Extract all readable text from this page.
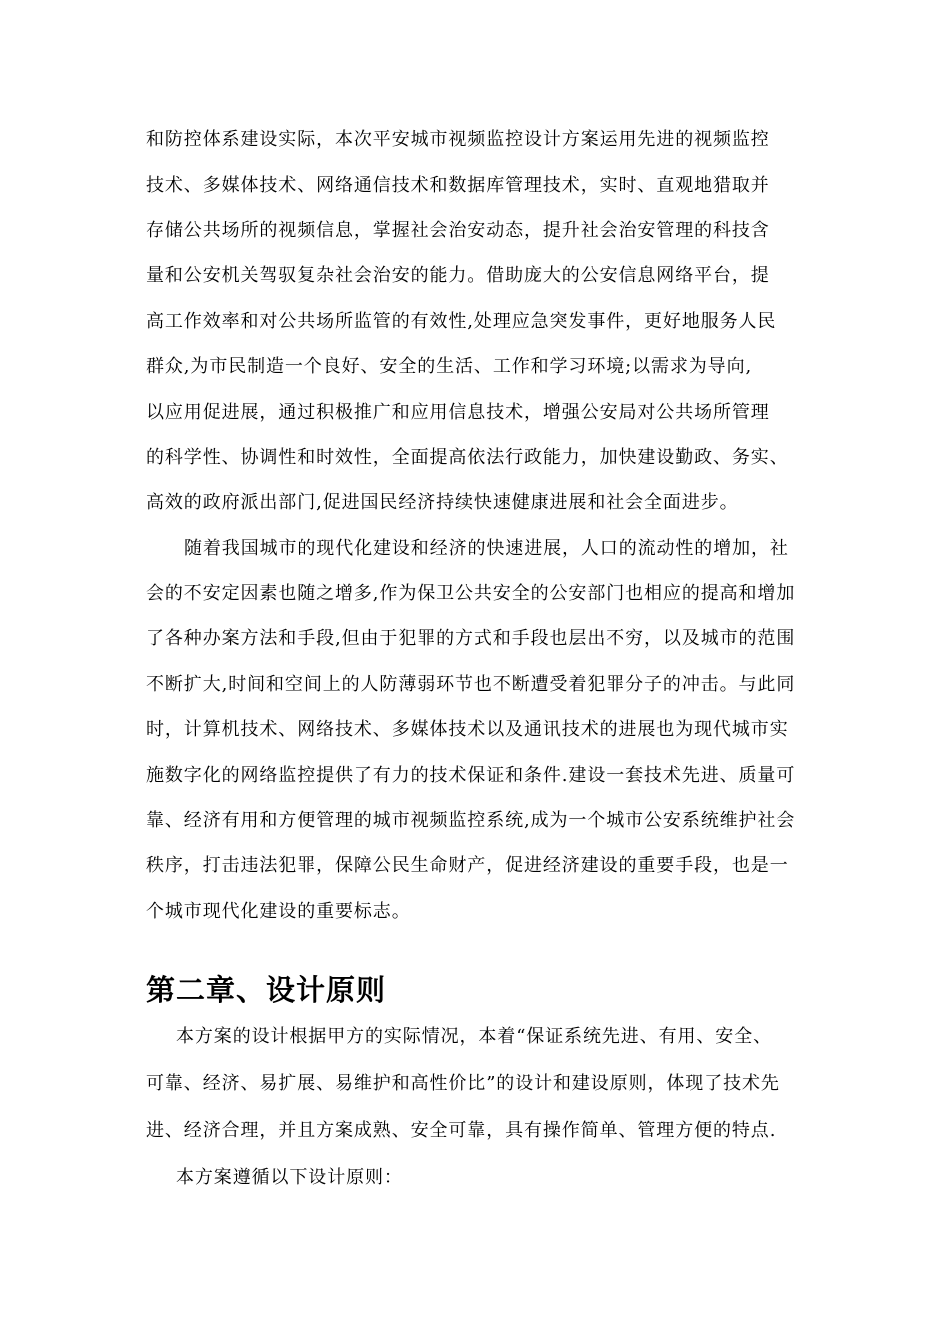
和防控体系建设实际，本次平安城市视频监控设计方案运用先进的视频监控

技术、多媒体技术、网络通信技术和数据库管理技术，实时、直观地猎取并

存储公共场所的视频信息，掌握社会治安动态，提升社会治安管理的科技含

量和公安机关驾驭复杂社会治安的能力。借助庞大的公安信息网络平台，提

高工作效率和对公共场所监管的有效性,处理应急突发事件，更好地服务人民

群众,为市民制造一个良好、安全的生活、工作和学习环境;以需求为导向,

以应用促进展，通过积极推广和应用信息技术，增强公安局对公共场所管理

的科学性、协调性和时效性，全面提高依法行政能力，加快建设勤政、务实、

高效的政府派出部门,促进国民经济持续快速健康进展和社会全面进步。

随着我国城市的现代化建设和经济的快速进展，人口的流动性的增加，社

会的不安定因素也随之增多,作为保卫公共安全的公安部门也相应的提高和增加

了各种办案方法和手段,但由于犯罪的方式和手段也层出不穷，以及城市的范围

不断扩大,时间和空间上的人防薄弱环节也不断遭受着犯罪分子的冲击。与此同

时，计算机技术、网络技术、多媒体技术以及通讯技术的进展也为现代城市实

施数字化的网络监控提供了有力的技术保证和条件.建设一套技术先进、质量可

靠、经济有用和方便管理的城市视频监控系统,成为一个城市公安系统维护社会

秩序，打击违法犯罪，保障公民生命财产，促进经济建设的重要手段，也是一

个城市现代化建设的重要标志。

第二章、设计原则

本方案的设计根据甲方的实际情况，本着“保证系统先进、有用、安全、

可靠、经济、易扩展、易维护和高性价比”的设计和建设原则，体现了技术先

进、经济合理，并且方案成熟、安全可靠，具有操作简单、管理方便的特点.

本方案遵循以下设计原则：
